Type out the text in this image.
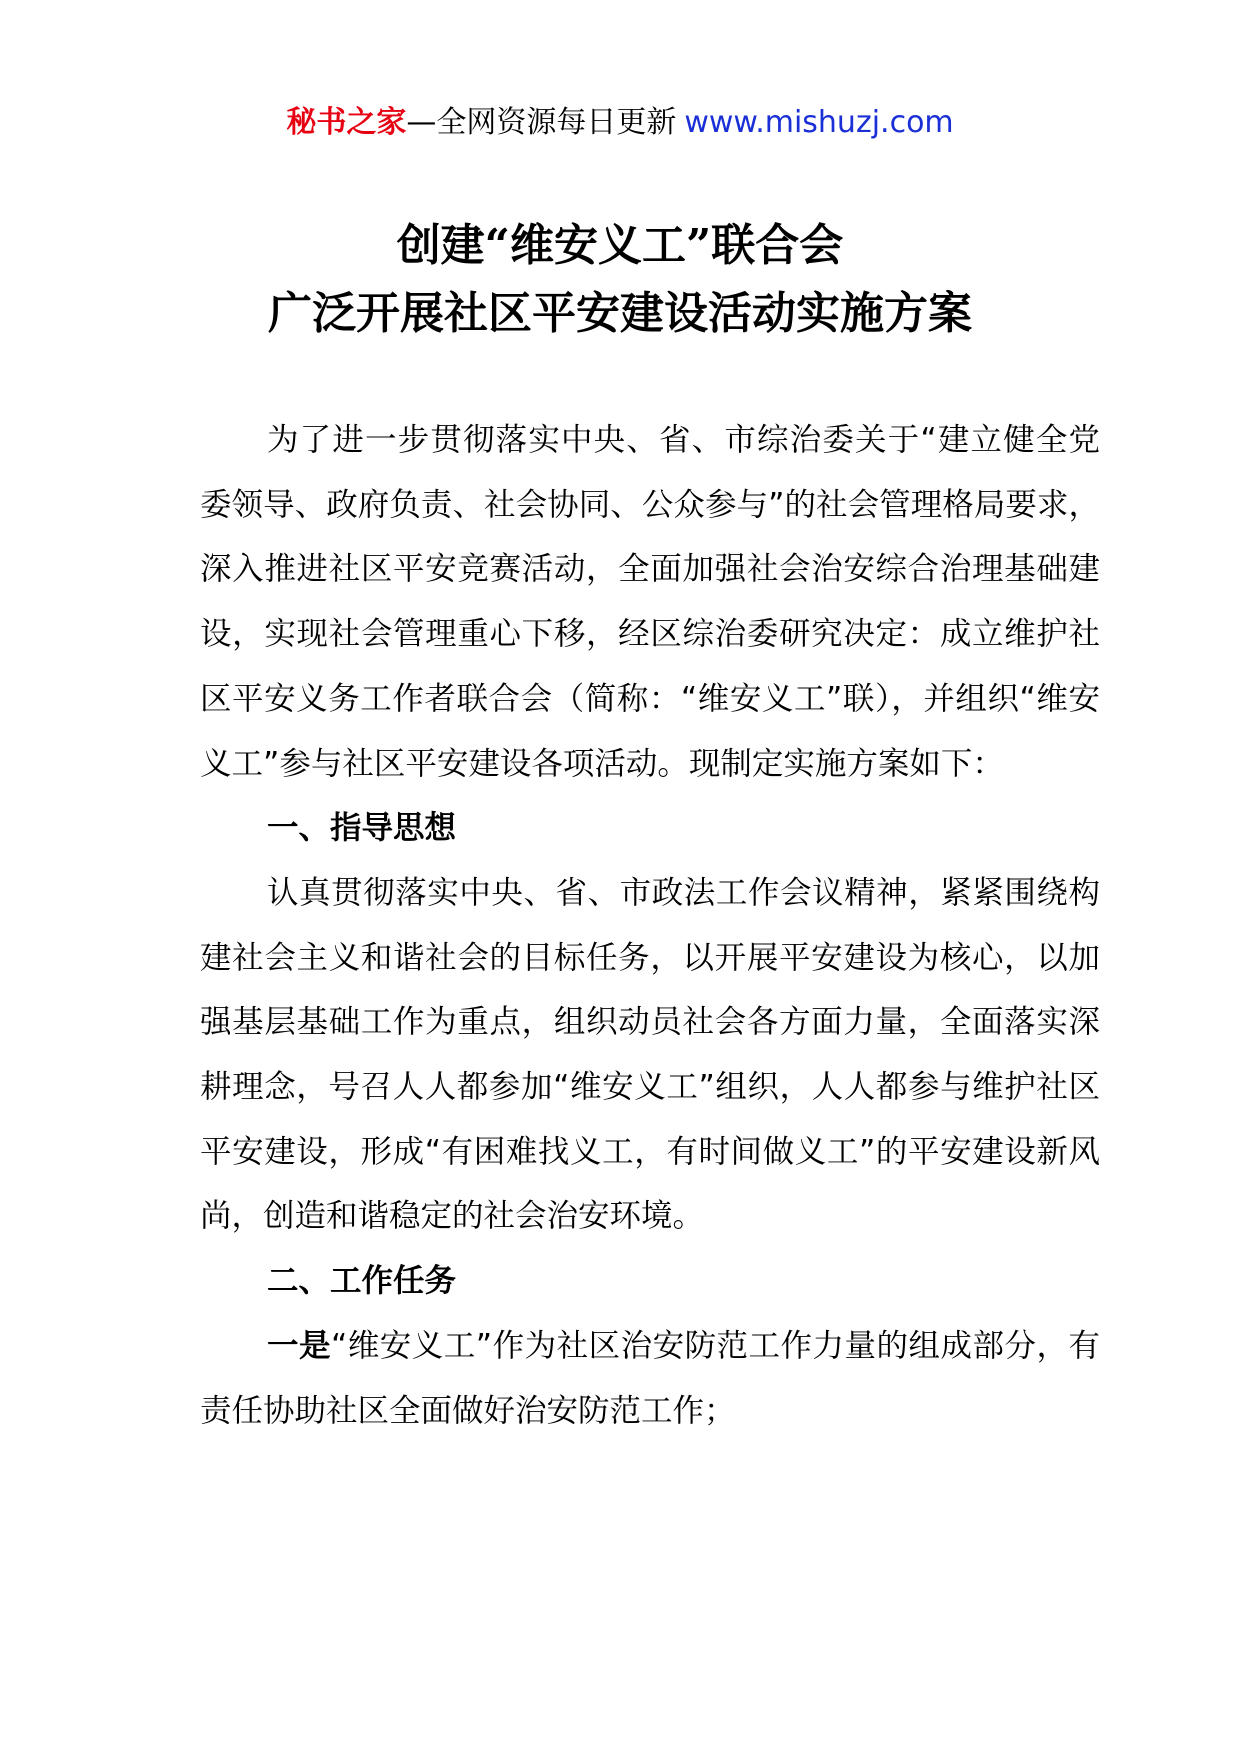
秘书之家—全网资源每日更新 www.mishuzj.com
创建“维安义工”联合会
广泛开展社区平安建设活动实施方案

为了进一步贯彻落实中央、省、市综治委关于“建立健全党委领导、政府负责、社会协同、公众参与”的社会管理格局要求，深入推进社区平安竞赛活动，全面加强社会治安综合治理基础建设，实现社会管理重心下移，经区综治委研究决定：成立维护社区平安义务工作者联合会（简称：“维安义工”联），并组织“维安义工”参与社区平安建设各项活动。现制定实施方案如下：

一、指导思想

认真贯彻落实中央、省、市政法工作会议精神，紧紧围绕构建社会主义和谐社会的目标任务，以开展平安建设为核心，以加强基层基础工作为重点，组织动员社会各方面力量，全面落实深耕理念，号召人人都参加“维安义工”组织，人人都参与维护社区平安建设，形成“有困难找义工，有时间做义工”的平安建设新风尚，创造和谐稳定的社会治安环境。

二、工作任务

一是“维安义工”作为社区治安防范工作力量的组成部分，有责任协助社区全面做好治安防范工作；
